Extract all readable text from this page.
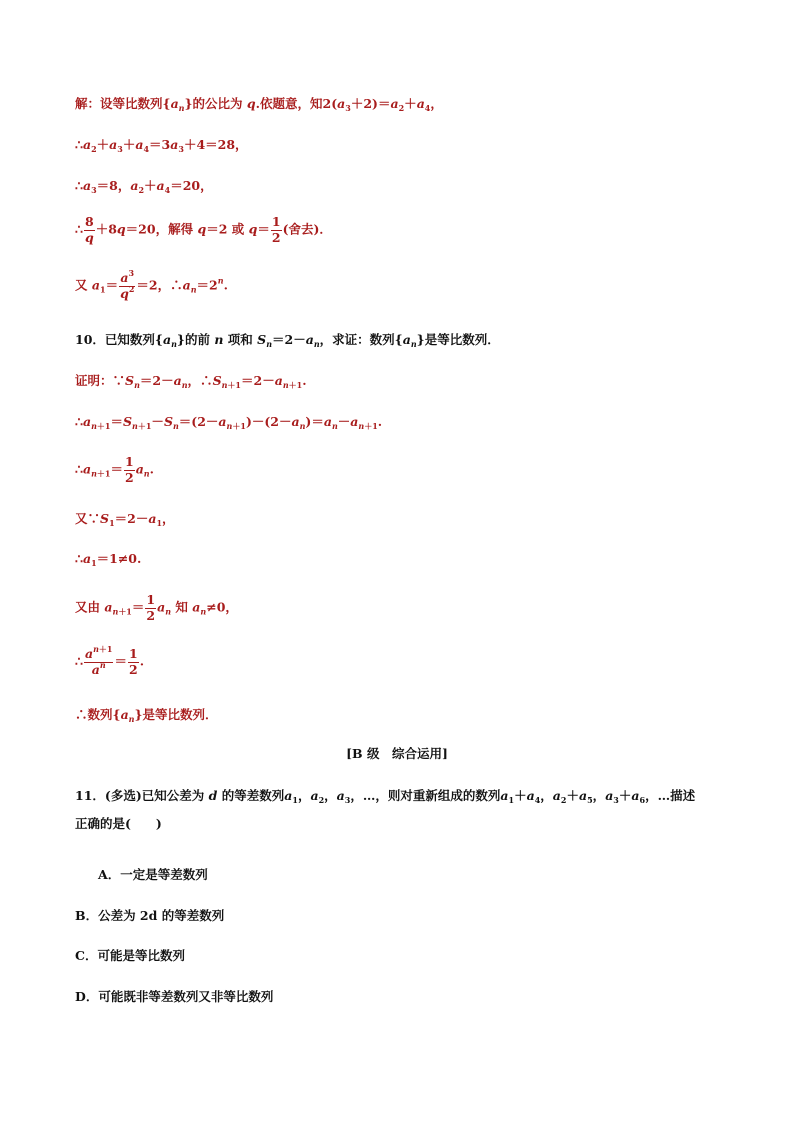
解：设等比数列$\{a_n\}$的公比为 q.依题意，知$2(a_3+2)=a_2+a_4$，
$\therefore a_2+a_3+a_4=3a_3+4=28$，
$\therefore a_3=8$，$a_2+a_4=20$，
∴ $\frac{8}{q} +8q=20$，解得 q＝2 或 $q= \frac{1}{2}$ (舍去)．
又 $a_1= \frac{a^3}{q^2} =2$，$\therefore a_n=2^n$.
10．已知数列$\{a_n\}$的前 n 项和 $S_n=2-a_n$，求证：数列$\{a_n\}$是等比数列．
证明：$\because S_n=2-a_n$，$\therefore S_{n+1}=2-a_{n+1}$.
$\therefore a_{n+1}=S_{n+1}-S_n=(2-a_{n+1})-(2-a_n)=a_n-a_{n+1}$.
$\therefore a_{n+1}= \frac{1}{2} a_n$.
又$\because S_1=2-a_1$，
$\therefore a_1=1\ne 0$.
又由 $a_{n+1}= \frac{1}{2} a_n$ 知 $a_n\ne 0$，
∴ $\frac{a^{n+1}}{a^n} = \frac{1}{2}$ .
∴数列$\{a_n\}$是等比数列．
[B 级　综合运用]
11．(多选)已知公差为 d 的等差数列$a_1$，$a_2$，$a_3$，…，则对重新组成的数列$a_1+a_4$，$a_2+a_5$，$a_3+a_6$，…描述
正确的是(　　)
A．一定是等差数列
B．公差为 2d 的等差数列
C．可能是等比数列
D．可能既非等差数列又非等比数列
